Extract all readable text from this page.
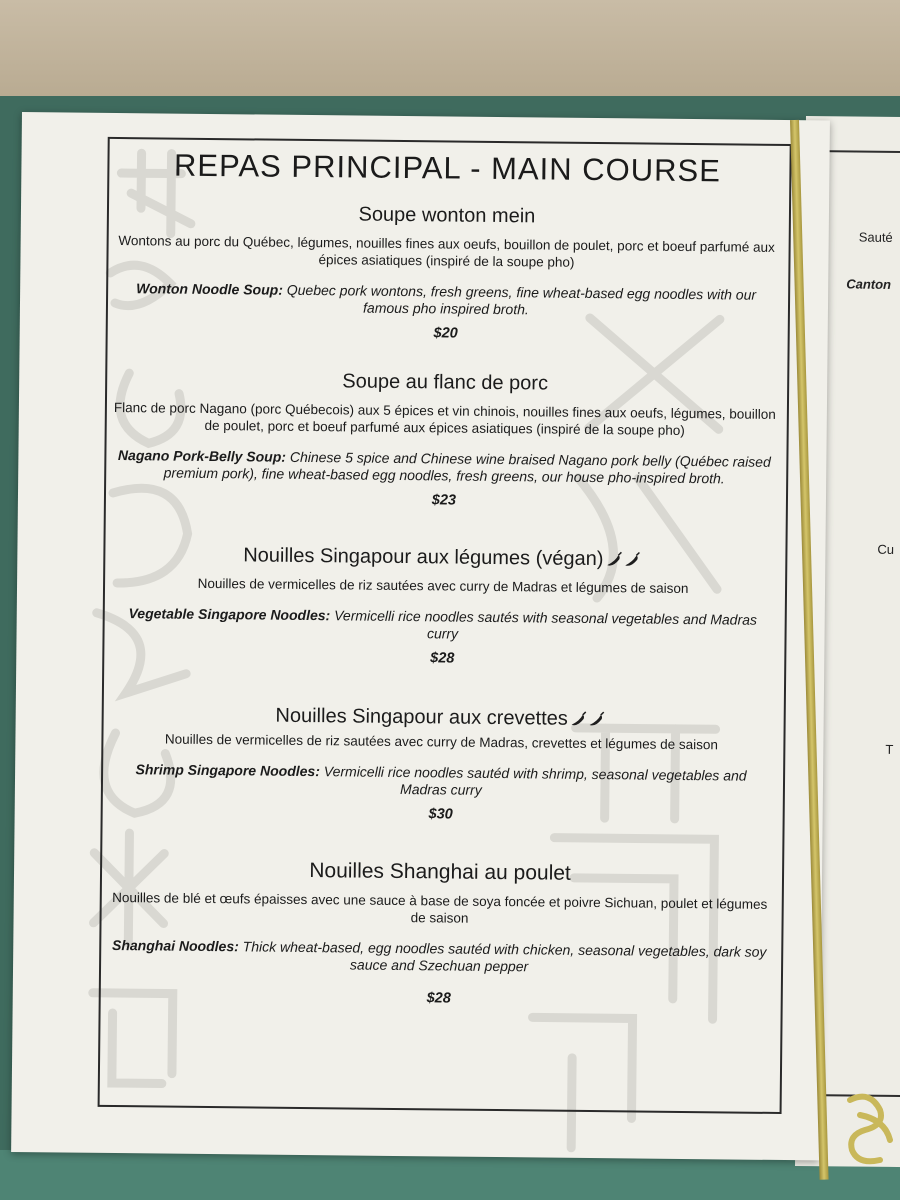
Sauté
Canton
Cu
T
REPAS PRINCIPAL - MAIN COURSE
Soupe wonton mein
Wontons au porc du Québec, légumes, nouilles fines aux oeufs, bouillon de poulet, porc et boeuf parfumé aux épices asiatiques (inspiré de la soupe pho)
Wonton Noodle Soup: Quebec pork wontons, fresh greens, fine wheat-based egg noodles with our famous pho inspired broth.
$20
Soupe au flanc de porc
Flanc de porc Nagano (porc Québecois) aux 5 épices et vin chinois, nouilles fines aux oeufs, légumes, bouillon de poulet, porc et boeuf parfumé aux épices asiatiques (inspiré de la soupe pho)
Nagano Pork-Belly Soup: Chinese 5 spice and Chinese wine braised Nagano pork belly (Québec raised premium pork), fine wheat-based egg noodles, fresh greens, our house pho-inspired broth.
$23
Nouilles Singapour aux légumes (végan)
Nouilles de vermicelles de riz sautées avec curry de Madras et légumes de saison
Vegetable Singapore Noodles: Vermicelli rice noodles sautés with seasonal vegetables and Madras curry
$28
Nouilles Singapour aux crevettes
Nouilles de vermicelles de riz sautées avec curry de Madras, crevettes et légumes de saison
Shrimp Singapore Noodles: Vermicelli rice noodles sautéd with shrimp, seasonal vegetables and Madras curry
$30
Nouilles Shanghai au poulet
Nouilles de blé et œufs épaisses avec une sauce à base de soya foncée et poivre Sichuan, poulet et légumes de saison
Shanghai Noodles: Thick wheat-based, egg noodles sautéd with chicken, seasonal vegetables, dark soy sauce and Szechuan pepper
$28
